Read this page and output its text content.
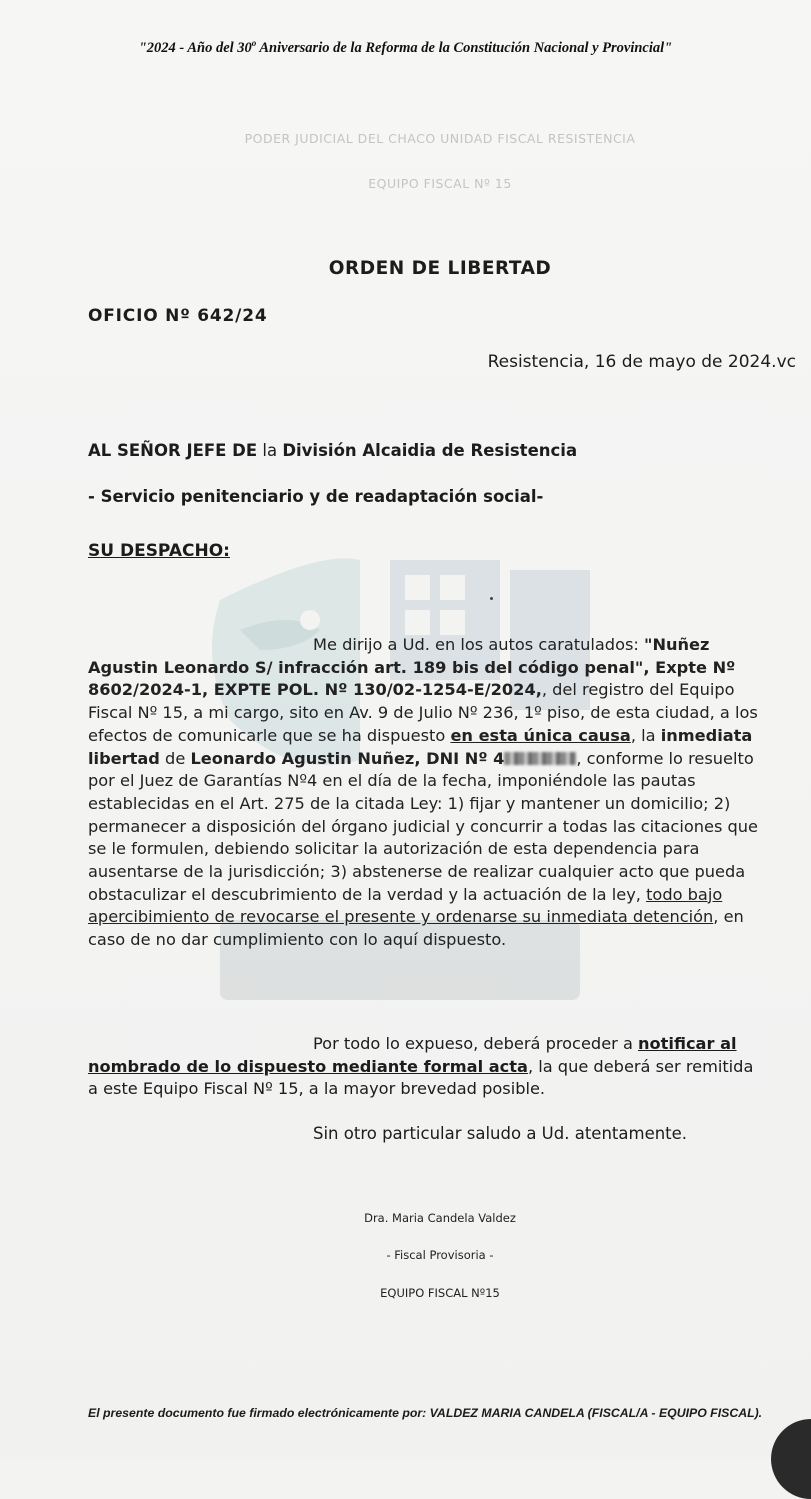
"2024 - Año del 30$^o$ Aniversario de la Reforma de la Constitución Nacional y Provincial"

PODER JUDICIAL DEL CHACO UNIDAD FISCAL RESISTENCIA

EQUIPO FISCAL Nº 15

ORDEN DE LIBERTAD

OFICIO Nº 642/24

Resistencia, 16 de mayo de 2024.vc

AL SEÑOR JEFE DE la División Alcaidia de Resistencia

- Servicio penitenciario y de readaptación social-

SU DESPACHO:

Me dirijo a Ud. en los autos caratulados: "Nuñez Agustin Leonardo S/ infracción art. 189 bis del código penal", Expte Nº 8602/2024-1, EXPTE POL. Nº 130/02-1254-E/2024,, del registro del Equipo Fiscal Nº 15, a mi cargo, sito en Av. 9 de Julio Nº 236, 1º piso, de esta ciudad, a los efectos de comunicarle que se ha dispuesto en esta única causa, la inmediata libertad de Leonardo Agustin Nuñez, DNI Nº 4	, conforme lo resuelto por el Juez de Garantías Nº4 en el día de la fecha, imponiéndole las pautas establecidas en el Art. 275 de la citada Ley: 1) fijar y mantener un domicilio; 2) permanecer a disposición del órgano judicial y concurrir a todas las citaciones que se le formulen, debiendo solicitar la autorización de esta dependencia para ausentarse de la jurisdicción; 3) abstenerse de realizar cualquier acto que pueda obstaculizar el descubrimiento de la verdad y la actuación de la ley, todo bajo apercibimiento de revocarse el presente y ordenarse su inmediata detención, en caso de no dar cumplimiento con lo aquí dispuesto.

Por todo lo expueso, deberá proceder a notificar al nombrado de lo dispuesto mediante formal acta, la que deberá ser remitida a este Equipo Fiscal Nº 15, a la mayor brevedad posible.

Sin otro particular saludo a Ud. atentamente.

Dra. Maria Candela Valdez

- Fiscal Provisoria -

EQUIPO FISCAL Nº15

El presente documento fue firmado electrónicamente por: VALDEZ MARIA CANDELA (FISCAL/A - EQUIPO FISCAL).
